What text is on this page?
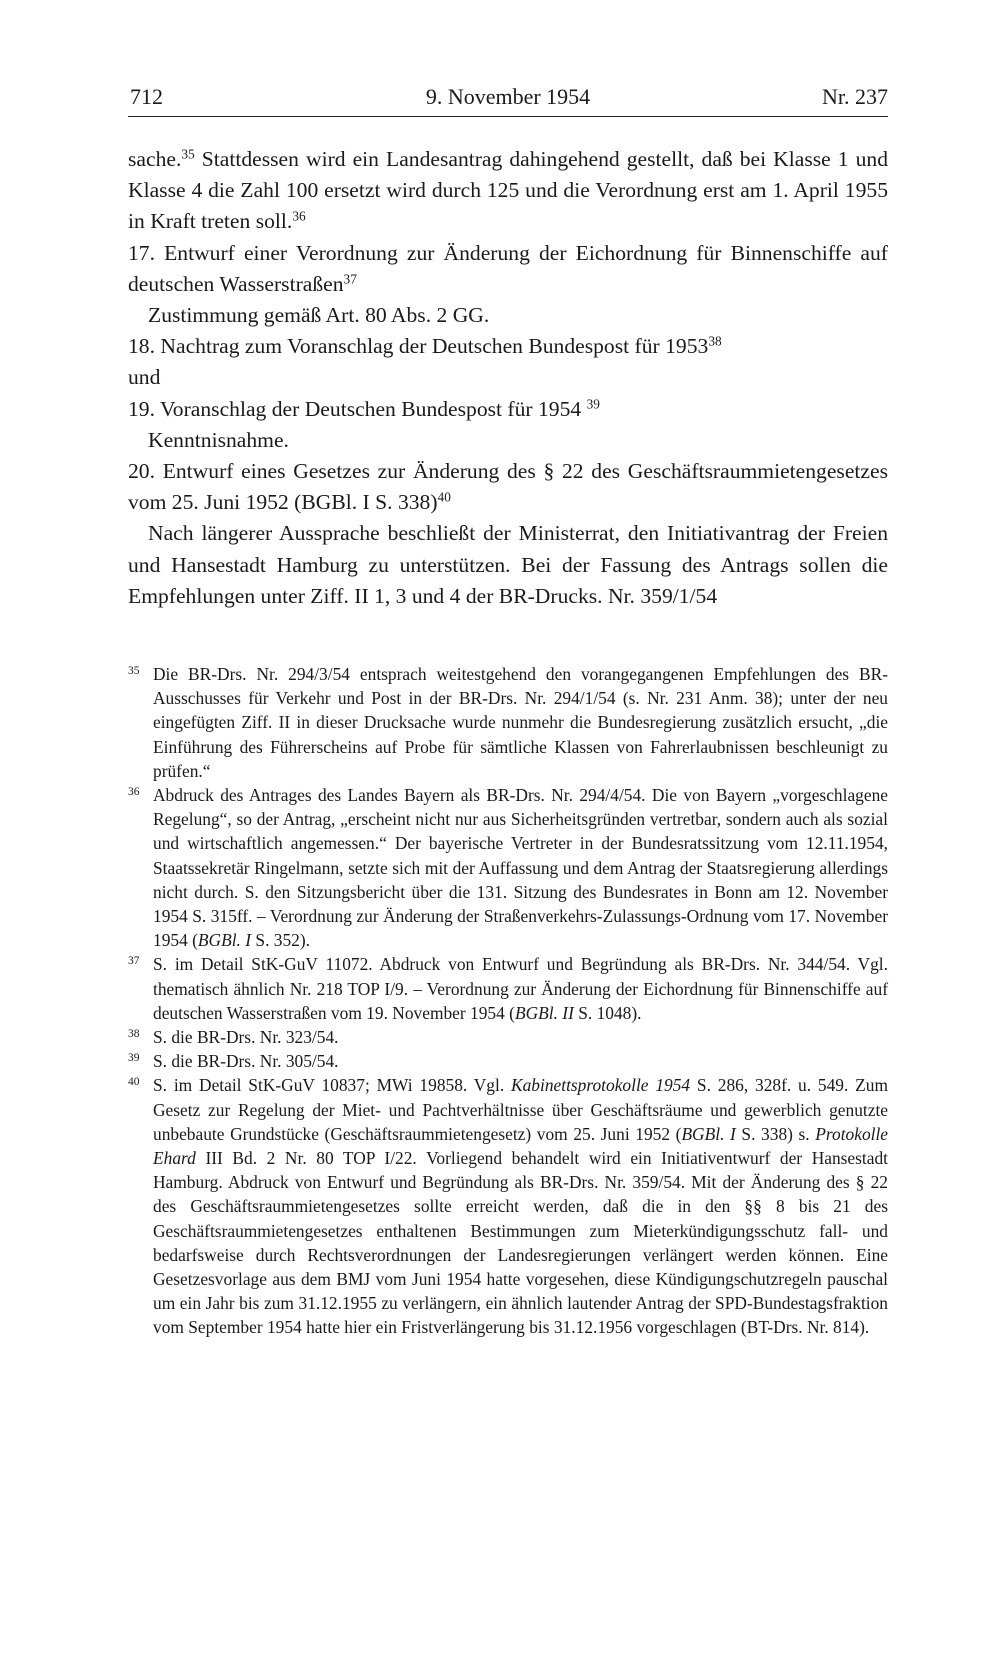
712	9. November 1954	Nr. 237

sache.$^{35}$ Stattdessen wird ein Landesantrag dahingehend gestellt, daß bei Klasse 1 und Klasse 4 die Zahl 100 ersetzt wird durch 125 und die Verordnung erst am 1. April 1955 in Kraft treten soll.$^{36}$

17. Entwurf einer Verordnung zur Änderung der Eichordnung für Binnenschiffe auf deutschen Wasserstraßen$^{37}$

Zustimmung gemäß Art. 80 Abs. 2 GG.

18. Nachtrag zum Voranschlag der Deutschen Bundespost für 1953$^{38}$

und

19. Voranschlag der Deutschen Bundespost für 1954 $^{39}$

Kenntnisnahme.

20. Entwurf eines Gesetzes zur Änderung des § 22 des Geschäftsraummietengesetzes vom 25. Juni 1952 (BGBl. I S. 338)$^{40}$

Nach längerer Aussprache beschließt der Ministerrat, den Initiativantrag der Freien und Hansestadt Hamburg zu unterstützen. Bei der Fassung des Antrags sollen die Empfehlungen unter Ziff. II 1, 3 und 4 der BR-Drucks. Nr. 359/1/54

35 Die BR-Drs. Nr. 294/3/54 entsprach weitestgehend den vorangegangenen Empfehlungen des BR-Ausschusses für Verkehr und Post in der BR-Drs. Nr. 294/1/54 (s. Nr. 231 Anm. 38); unter der neu eingefügten Ziff. II in dieser Drucksache wurde nunmehr die Bundesregierung zusätzlich ersucht, „die Einführung des Führerscheins auf Probe für sämtliche Klassen von Fahrerlaubnissen beschleunigt zu prüfen.“

36 Abdruck des Antrages des Landes Bayern als BR-Drs. Nr. 294/4/54. Die von Bayern „vorgeschlagene Regelung“, so der Antrag, „erscheint nicht nur aus Sicherheitsgründen vertretbar, sondern auch als sozial und wirtschaftlich angemessen.“ Der bayerische Vertreter in der Bundesratssitzung vom 12.11.1954, Staatssekretär Ringelmann, setzte sich mit der Auffassung und dem Antrag der Staatsregierung allerdings nicht durch. S. den Sitzungsbericht über die 131. Sitzung des Bundesrates in Bonn am 12. November 1954 S. 315ff. – Verordnung zur Änderung der Straßenverkehrs-Zulassungs-Ordnung vom 17. November 1954 (BGBl. I S. 352).

37 S. im Detail StK-GuV 11072. Abdruck von Entwurf und Begründung als BR-Drs. Nr. 344/54. Vgl. thematisch ähnlich Nr. 218 TOP I/9. – Verordnung zur Änderung der Eichordnung für Binnenschiffe auf deutschen Wasserstraßen vom 19. November 1954 (BGBl. II S. 1048).

38 S. die BR-Drs. Nr. 323/54.

39 S. die BR-Drs. Nr. 305/54.

40 S. im Detail StK-GuV 10837; MWi 19858. Vgl. Kabinettsprotokolle 1954 S. 286, 328f. u. 549. Zum Gesetz zur Regelung der Miet- und Pachtverhältnisse über Geschäftsräume und gewerblich genutzte unbebaute Grundstücke (Geschäftsraummietengesetz) vom 25. Juni 1952 (BGBl. I S. 338) s. Protokolle Ehard III Bd. 2 Nr. 80 TOP I/22. Vorliegend behandelt wird ein Initiativentwurf der Hansestadt Hamburg. Abdruck von Entwurf und Begründung als BR-Drs. Nr. 359/54. Mit der Änderung des § 22 des Geschäftsraummietengesetzes sollte erreicht werden, daß die in den §§ 8 bis 21 des Geschäftsraummietengesetzes enthaltenen Bestimmungen zum Mieterkündigungsschutz fall- und bedarfsweise durch Rechtsverordnungen der Landesregierungen verlängert werden können. Eine Gesetzesvorlage aus dem BMJ vom Juni 1954 hatte vorgesehen, diese Kündigungschutzregeln pauschal um ein Jahr bis zum 31.12.1955 zu verlängern, ein ähnlich lautender Antrag der SPD-Bundestagsfraktion vom September 1954 hatte hier ein Fristverlängerung bis 31.12.1956 vorgeschlagen (BT-Drs. Nr. 814).
